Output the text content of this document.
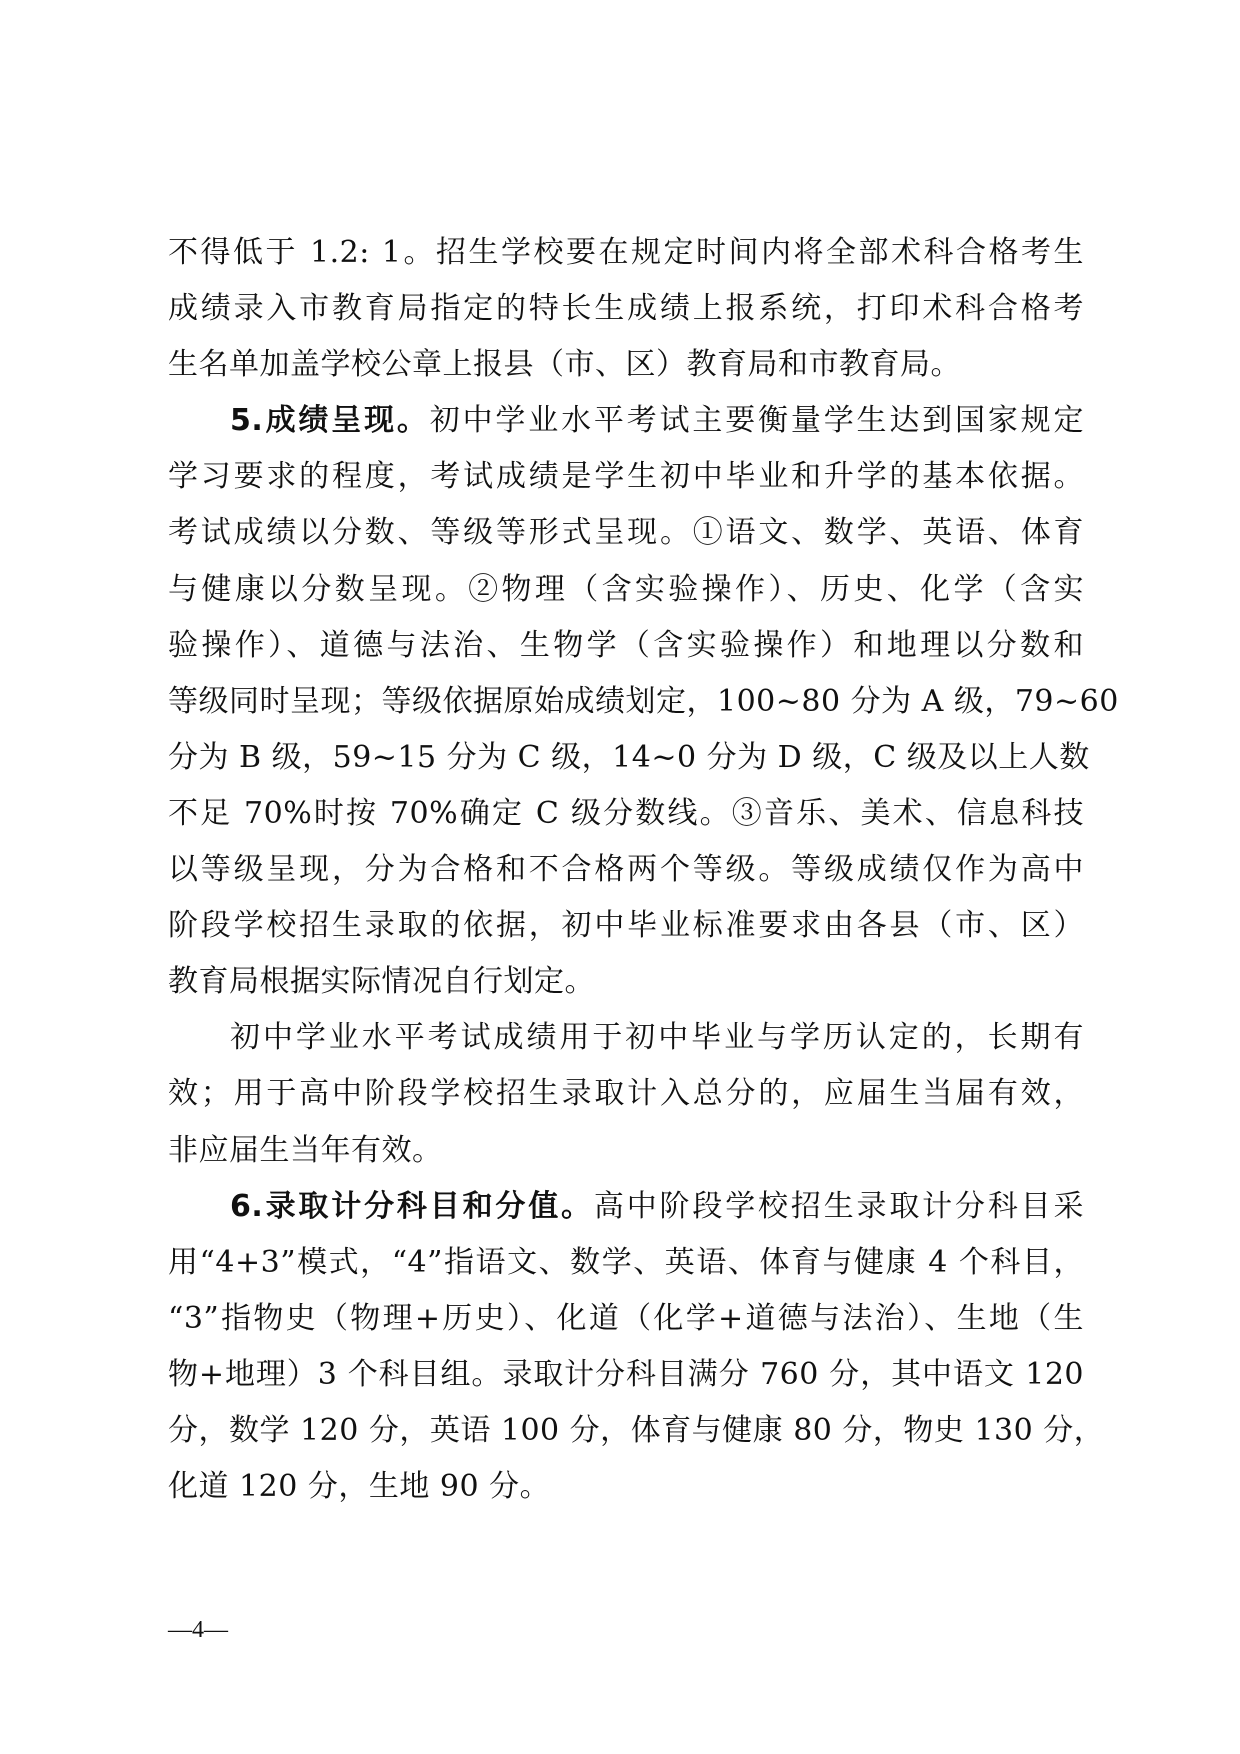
不得低于 1.2: 1。招生学校要在规定时间内将全部术科合格考生
成绩录入市教育局指定的特长生成绩上报系统，打印术科合格考
生名单加盖学校公章上报县（市、区）教育局和市教育局。
5.成绩呈现。初中学业水平考试主要衡量学生达到国家规定
学习要求的程度，考试成绩是学生初中毕业和升学的基本依据。
考试成绩以分数、等级等形式呈现。①语文、数学、英语、体育
与健康以分数呈现。②物理（含实验操作）、历史、化学（含实
验操作）、道德与法治、生物学（含实验操作）和地理以分数和
等级同时呈现；等级依据原始成绩划定，100~80 分为 A 级，79~60
分为 B 级，59~15 分为 C 级，14~0 分为 D 级，C 级及以上人数
不足 70%时按 70%确定 C 级分数线。③音乐、美术、信息科技
以等级呈现，分为合格和不合格两个等级。等级成绩仅作为高中
阶段学校招生录取的依据，初中毕业标准要求由各县（市、区）
教育局根据实际情况自行划定。
初中学业水平考试成绩用于初中毕业与学历认定的，长期有
效；用于高中阶段学校招生录取计入总分的，应届生当届有效，
非应届生当年有效。
6.录取计分科目和分值。高中阶段学校招生录取计分科目采
用“4+3”模式，“4”指语文、数学、英语、体育与健康 4 个科目，
“3”指物史（物理+历史）、化道（化学+道德与法治）、生地（生
物+地理）3 个科目组。录取计分科目满分 760 分，其中语文 120
分，数学 120 分，英语 100 分，体育与健康 80 分，物史 130 分，
化道 120 分，生地 90 分。
—4—
